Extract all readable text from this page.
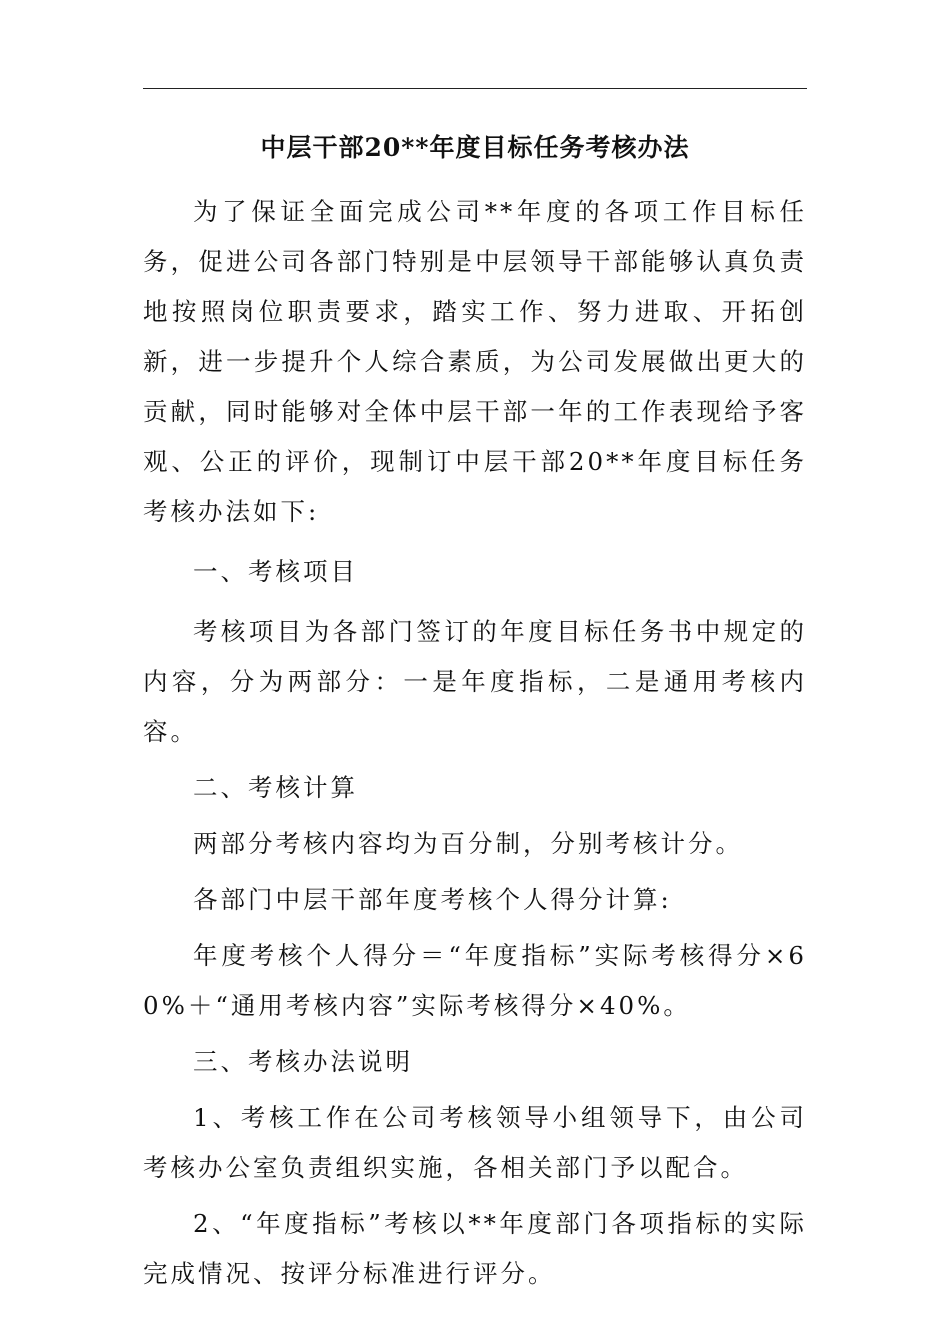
中层干部20**年度目标任务考核办法

为了保证全面完成公司**年度的各项工作目标任务，促进公司各部门特别是中层领导干部能够认真负责地按照岗位职责要求，踏实工作、努力进取、开拓创新，进一步提升个人综合素质，为公司发展做出更大的贡献，同时能够对全体中层干部一年的工作表现给予客观、公正的评价，现制订中层干部20**年度目标任务考核办法如下:

一、考核项目

考核项目为各部门签订的年度目标任务书中规定的内容，分为两部分：一是年度指标，二是通用考核内容。

二、考核计算

两部分考核内容均为百分制，分别考核计分。

各部门中层干部年度考核个人得分计算:

年度考核个人得分＝“年度指标”实际考核得分×60%＋“通用考核内容”实际考核得分×40%。

三、考核办法说明

1、考核工作在公司考核领导小组领导下，由公司考核办公室负责组织实施，各相关部门予以配合。

2、“年度指标”考核以**年度部门各项指标的实际完成情况、按评分标准进行评分。
